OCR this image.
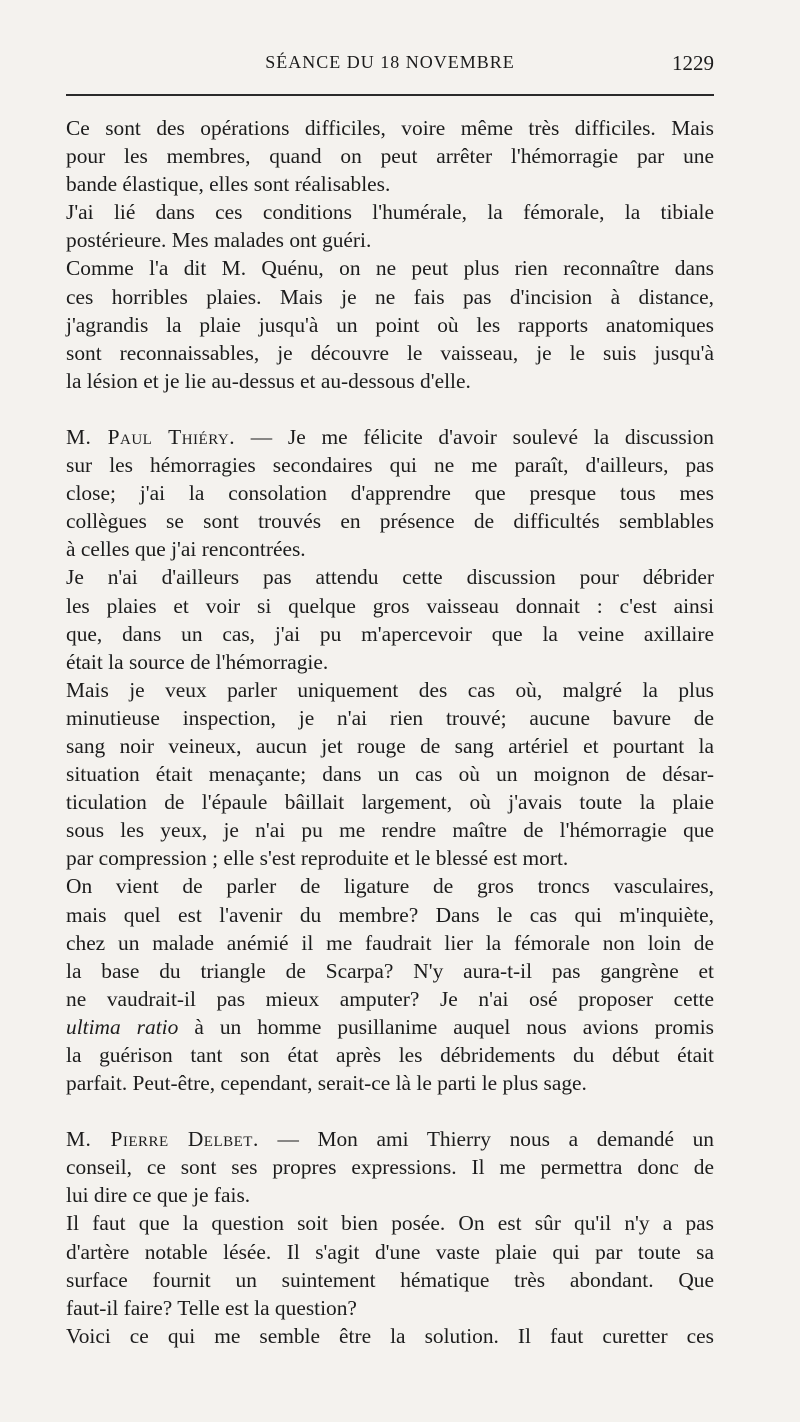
SÉANCE DU 18 NOVEMBRE	1229
Ce sont des opérations difficiles, voire même très difficiles. Mais
pour les membres, quand on peut arrêter l'hémorragie par une
bande élastique, elles sont réalisables.
J'ai lié dans ces conditions l'humérale, la fémorale, la tibiale
postérieure. Mes malades ont guéri.
Comme l'a dit M. Quénu, on ne peut plus rien reconnaître dans
ces horribles plaies. Mais je ne fais pas d'incision à distance,
j'agrandis la plaie jusqu'à un point où les rapports anatomiques
sont reconnaissables, je découvre le vaisseau, je le suis jusqu'à
la lésion et je lie au-dessus et au-dessous d'elle.
M. Paul Thiéry. — Je me félicite d'avoir soulevé la discussion
sur les hémorragies secondaires qui ne me paraît, d'ailleurs, pas
close; j'ai la consolation d'apprendre que presque tous mes
collègues se sont trouvés en présence de difficultés semblables
à celles que j'ai rencontrées.
Je n'ai d'ailleurs pas attendu cette discussion pour débrider
les plaies et voir si quelque gros vaisseau donnait : c'est ainsi
que, dans un cas, j'ai pu m'apercevoir que la veine axillaire
était la source de l'hémorragie.
Mais je veux parler uniquement des cas où, malgré la plus
minutieuse inspection, je n'ai rien trouvé; aucune bavure de
sang noir veineux, aucun jet rouge de sang artériel et pourtant la
situation était menaçante; dans un cas où un moignon de désar-
ticulation de l'épaule bâillait largement, où j'avais toute la plaie
sous les yeux, je n'ai pu me rendre maître de l'hémorragie que
par compression ; elle s'est reproduite et le blessé est mort.
On vient de parler de ligature de gros troncs vasculaires,
mais quel est l'avenir du membre? Dans le cas qui m'inquiète,
chez un malade anémié il me faudrait lier la fémorale non loin de
la base du triangle de Scarpa? N'y aura-t-il pas gangrène et
ne vaudrait-il pas mieux amputer? Je n'ai osé proposer cette
ultima ratio à un homme pusillanime auquel nous avions promis
la guérison tant son état après les débridements du début était
parfait. Peut-être, cependant, serait-ce là le parti le plus sage.
M. Pierre Delbet. — Mon ami Thierry nous a demandé un
conseil, ce sont ses propres expressions. Il me permettra donc de
lui dire ce que je fais.
Il faut que la question soit bien posée. On est sûr qu'il n'y a pas
d'artère notable lésée. Il s'agit d'une vaste plaie qui par toute sa
surface fournit un suintement hématique très abondant. Que
faut-il faire? Telle est la question?
Voici ce qui me semble être la solution. Il faut curetter ces
